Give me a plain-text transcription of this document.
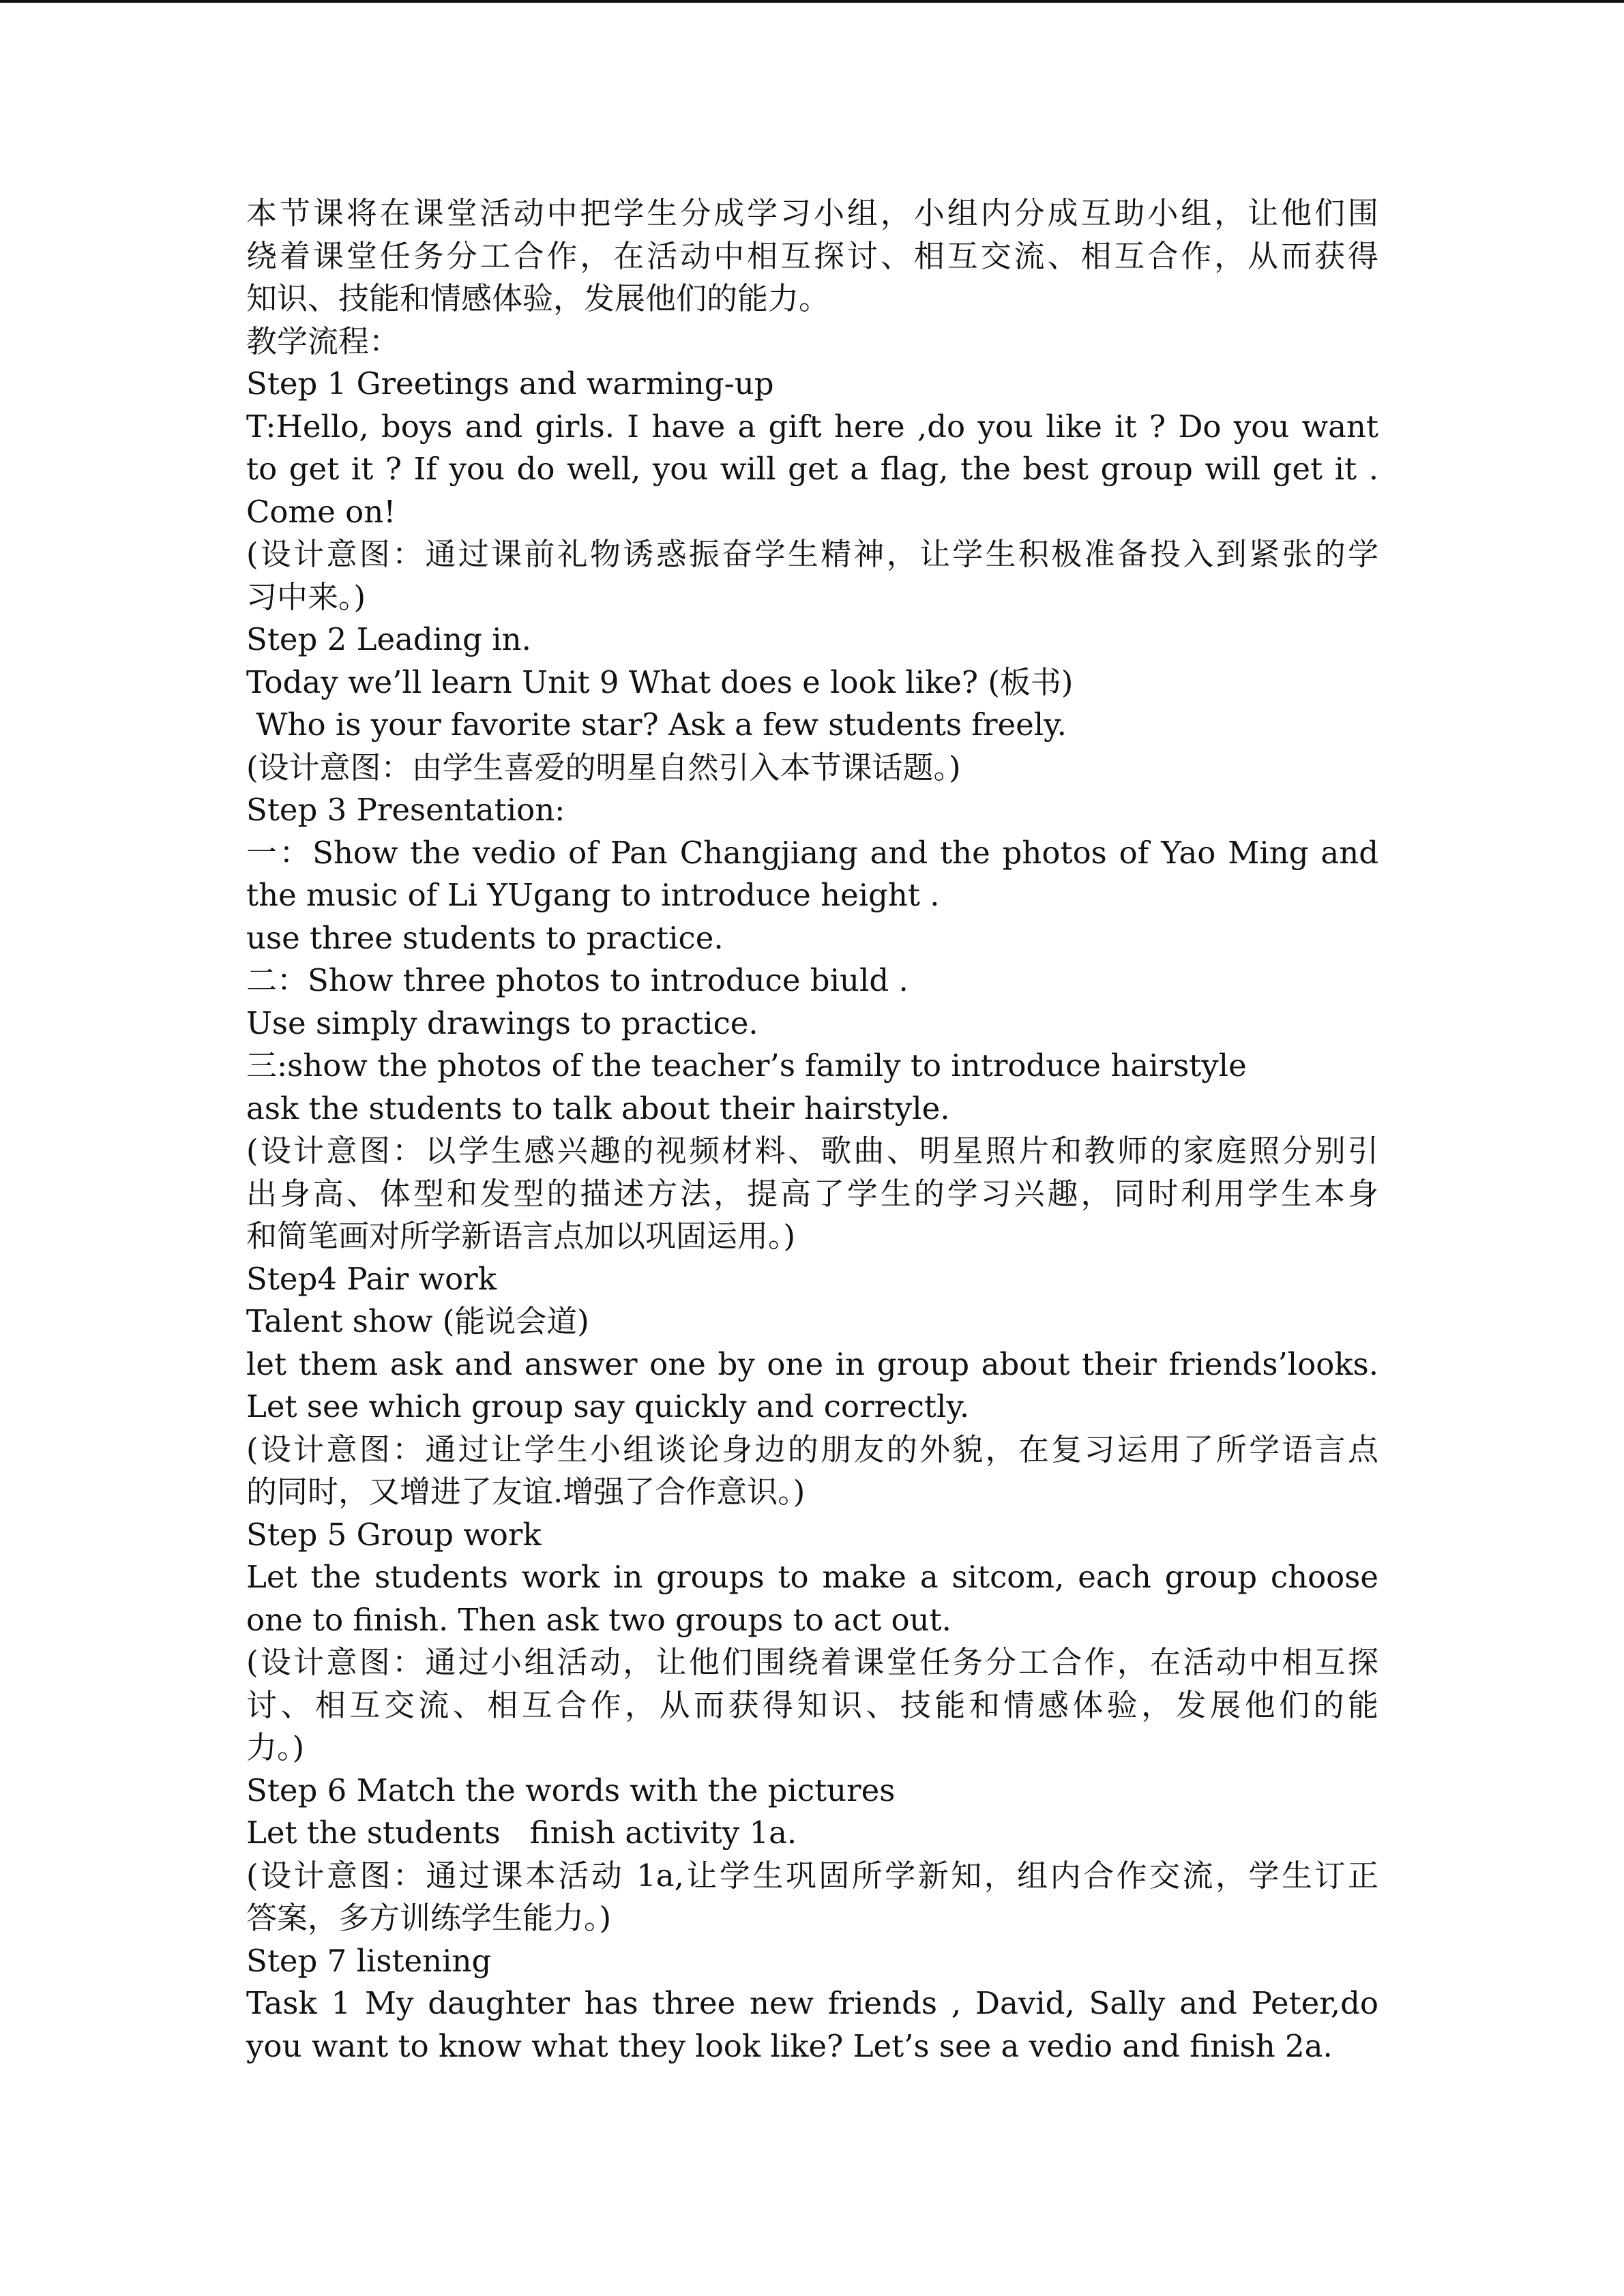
本节课将在课堂活动中把学生分成学习小组，小组内分成互助小组，让他们围
绕着课堂任务分工合作，在活动中相互探讨、相互交流、相互合作，从而获得
知识、技能和情感体验，发展他们的能力。
教学流程：
Step 1 Greetings and warming-up
T:Hello, boys and girls. I have a gift here ,do you like it ? Do you want
to get it ? If you do well, you will get a flag, the best group will get it .
Come on!
(设计意图：通过课前礼物诱惑振奋学生精神，让学生积极准备投入到紧张的学
习中来。)
Step 2 Leading in.
Today we’ll learn Unit 9 What does e look like? (板书)
Who is your favorite star? Ask a few students freely.
(设计意图：由学生喜爱的明星自然引入本节课话题。)
Step 3 Presentation:
一：Show the vedio of Pan Changjiang and the photos of Yao Ming and
the music of Li YUgang to introduce height .
use three students to practice.
二：Show three photos to introduce biuld .
Use simply drawings to practice.
三:show the photos of the teacher’s family to introduce hairstyle
ask the students to talk about their hairstyle.
(设计意图：以学生感兴趣的视频材料、歌曲、明星照片和教师的家庭照分别引
出身高、体型和发型的描述方法，提高了学生的学习兴趣，同时利用学生本身
和简笔画对所学新语言点加以巩固运用。)
Step4 Pair work
Talent show (能说会道)
let them ask and answer one by one in group about their friends’looks.
Let see which group say quickly and correctly.
(设计意图：通过让学生小组谈论身边的朋友的外貌，在复习运用了所学语言点
的同时，又增进了友谊.增强了合作意识。)
Step 5 Group work
Let the students work in groups to make a sitcom, each group choose
one to finish. Then ask two groups to act out.
(设计意图：通过小组活动，让他们围绕着课堂任务分工合作，在活动中相互探
讨、相互交流、相互合作，从而获得知识、技能和情感体验，发展他们的能
力。)
Step 6 Match the words with the pictures
Let the students   finish activity 1a.
(设计意图：通过课本活动 1a,让学生巩固所学新知，组内合作交流，学生订正
答案，多方训练学生能力。)
Step 7 listening
Task 1 My daughter has three new friends , David, Sally and Peter,do
you want to know what they look like? Let’s see a vedio and finish 2a.
